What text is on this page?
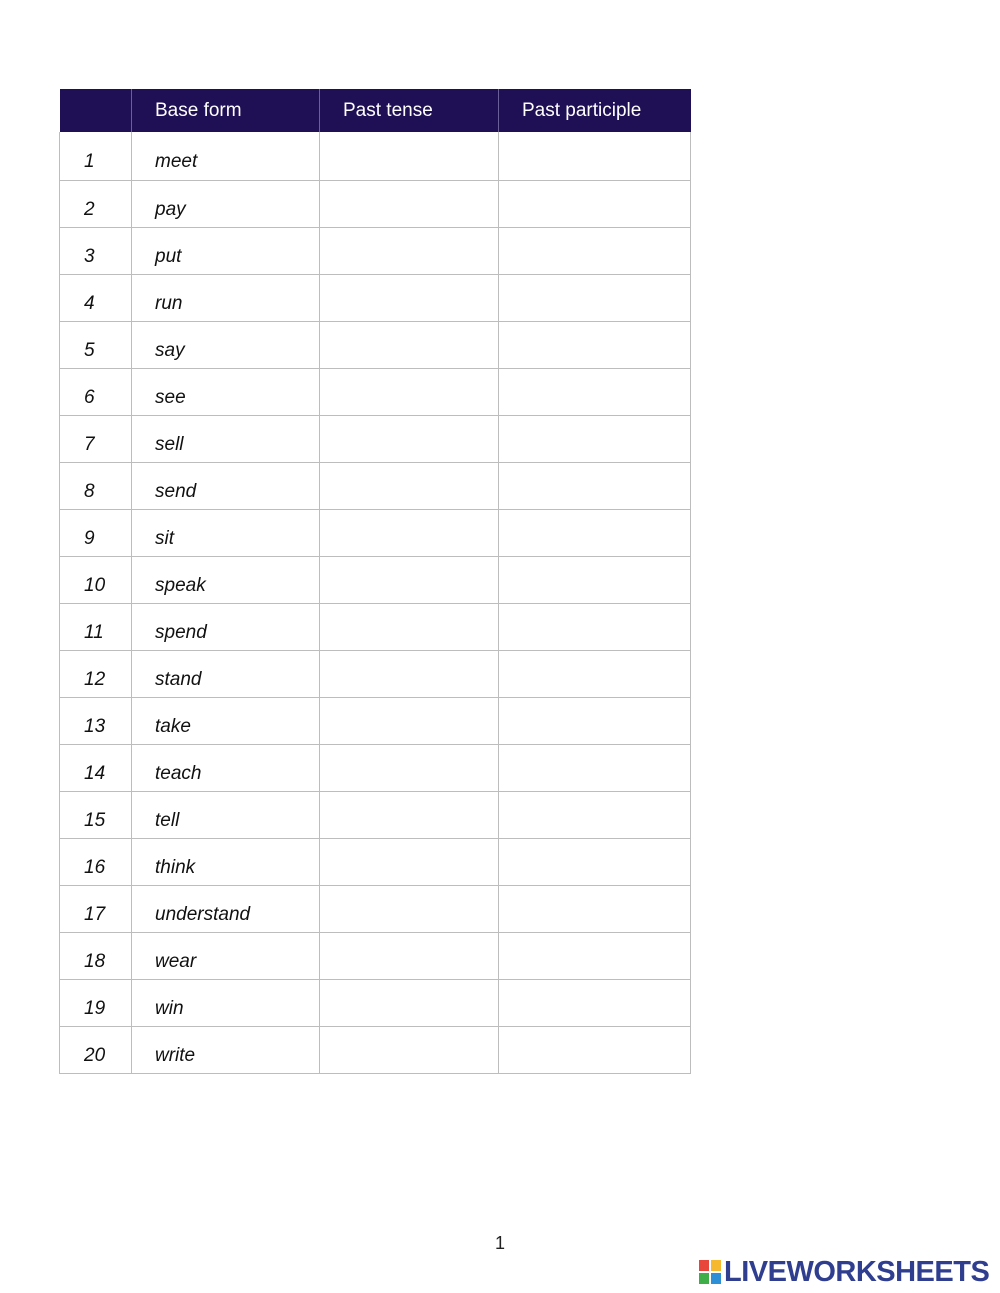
	Base form	Past tense	Past participle
1	meet		
2	pay		
3	put		
4	run		
5	say		
6	see		
7	sell		
8	send		
9	sit		
10	speak		
11	spend		
12	stand		
13	take		
14	teach		
15	tell		
16	think		
17	understand		
18	wear		
19	win		
20	write		
1
LIVEWORKSHEETS
